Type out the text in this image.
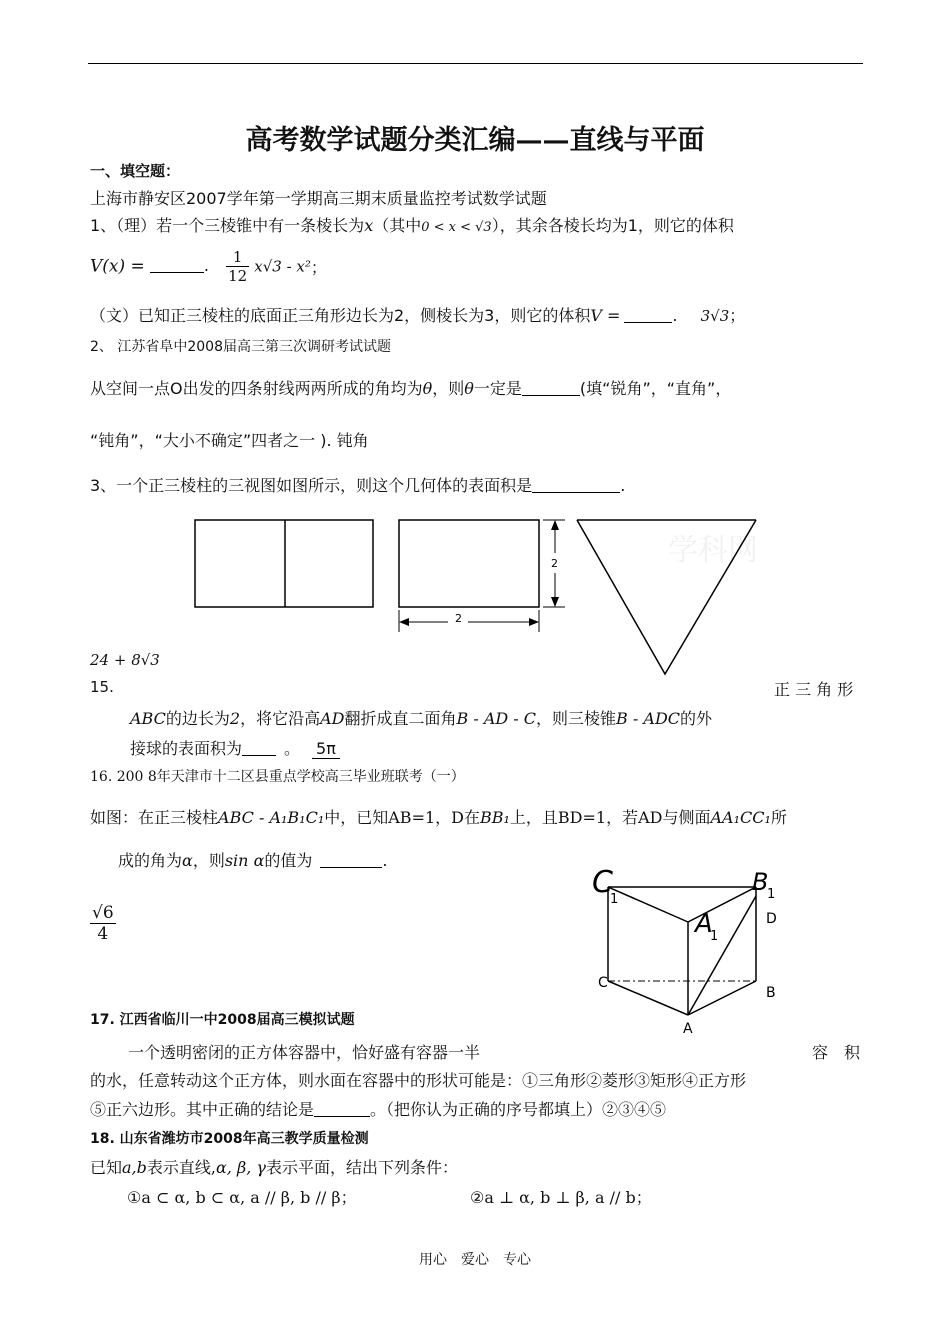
高考数学试题分类汇编——直线与平面
一、填空题：
上海市静安区2007学年第一学期高三期末质量监控考试数学试题
1、（理）若一个三棱锥中有一条棱长为x（其中0 < x < √3），其余各棱长均为1，则它的体积
V(x) =	. $\frac{1}{12} x√3 - x^2$；
（文）已知正三棱柱的底面正三角形边长为2，侧棱长为3，则它的体积V =	. 3√3；
2、 江苏省阜中2008届高三第三次调研考试试题
从空间一点O出发的四条射线两两所成的角均为θ，则θ一定是	(填“锐角”，“直角”，
“钝角”，“大小不确定”四者之一 ). 钝角
3、一个正三棱柱的三视图如图所示，则这个几何体的表面积是	.
学科网
2
2
C
1
B
1
A
1
D
C
B
A
24 + 8√3
15.	正 三 角 形
ABC的边长为2，将它沿高AD翻折成直二面角B - AD - C，则三棱锥B - ADC的外
接球的表面积为	。 5π
16. 200 8年天津市十二区县重点学校高三毕业班联考（一）
如图：在正三棱柱ABC - A₁B₁C₁中，已知AB=1，D在BB₁上，且BD=1，若AD与侧面AA₁CC₁所
成的角为α，则sin α的值为	.
$\frac{√6}{4}$
17. 江西省临川一中2008届高三模拟试题
一个透明密闭的正方体容器中，恰好盛有容器一半	容　积
的水，任意转动这个正方体，则水面在容器中的形状可能是：①三角形②菱形③矩形④正方形
⑤正六边形。其中正确的结论是	。（把你认为正确的序号都填上）②③④⑤
18. 山东省潍坊市2008年高三教学质量检测
已知a,b表示直线,α, β, γ表示平面，结出下列条件：
①a ⊂ α, b ⊂ α, a // β, b // β；	②a ⊥ α, b ⊥ β, a // b；
用心　爱心　专心
